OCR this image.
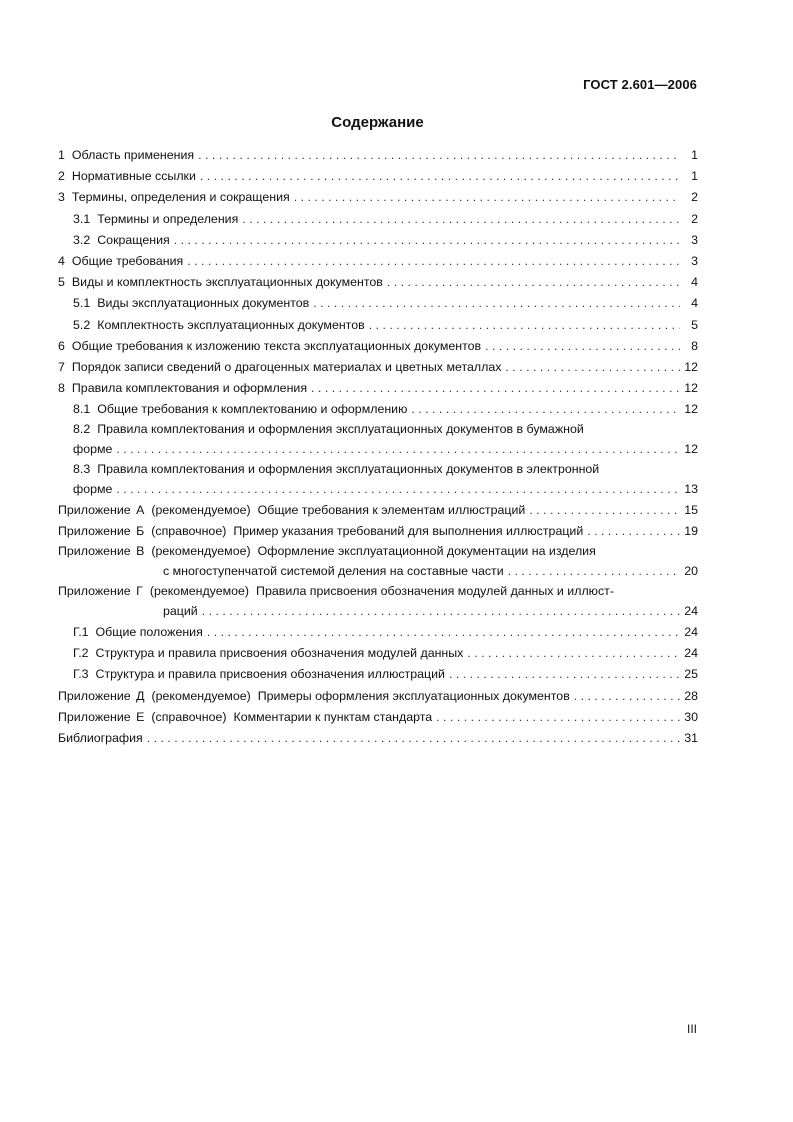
ГОСТ 2.601—2006
Содержание
1 Область применения . . .	1
2 Нормативные ссылки . . .	1
3 Термины, определения и сокращения . . .	2
3.1 Термины и определения . . .	2
3.2 Сокращения . . .	3
4 Общие требования . . .	3
5 Виды и комплектность эксплуатационных документов . . .	4
5.1 Виды эксплуатационных документов . . .	4
5.2 Комплектность эксплуатационных документов . . .	5
6 Общие требования к изложению текста эксплуатационных документов . . .	8
7 Порядок записи сведений о драгоценных материалах и цветных металлах . . .	12
8 Правила комплектования и оформления . . .	12
8.1 Общие требования к комплектованию и оформлению . . .	12
8.2 Правила комплектования и оформления эксплуатационных документов в бумажной
форме . . .	12
8.3 Правила комплектования и оформления эксплуатационных документов в электронной
форме . . .	13
Приложение А (рекомендуемое) Общие требования к элементам иллюстраций . . .	15
Приложение Б (справочное) Пример указания требований для выполнения иллюстраций . . .	19
Приложение В (рекомендуемое) Оформление эксплуатационной документации на изделия
с многоступенчатой системой деления на составные части . . .	20
Приложение Г (рекомендуемое) Правила присвоения обозначения модулей данных и иллюст-
раций . . .	24
Г.1 Общие положения . . .	24
Г.2 Структура и правила присвоения обозначения модулей данных . . .	24
Г.3 Структура и правила присвоения обозначения иллюстраций . . .	25
Приложение Д (рекомендуемое) Примеры оформления эксплуатационных документов . . .	28
Приложение Е (справочное) Комментарии к пунктам стандарта . . .	30
Библиография . . .	31
III
